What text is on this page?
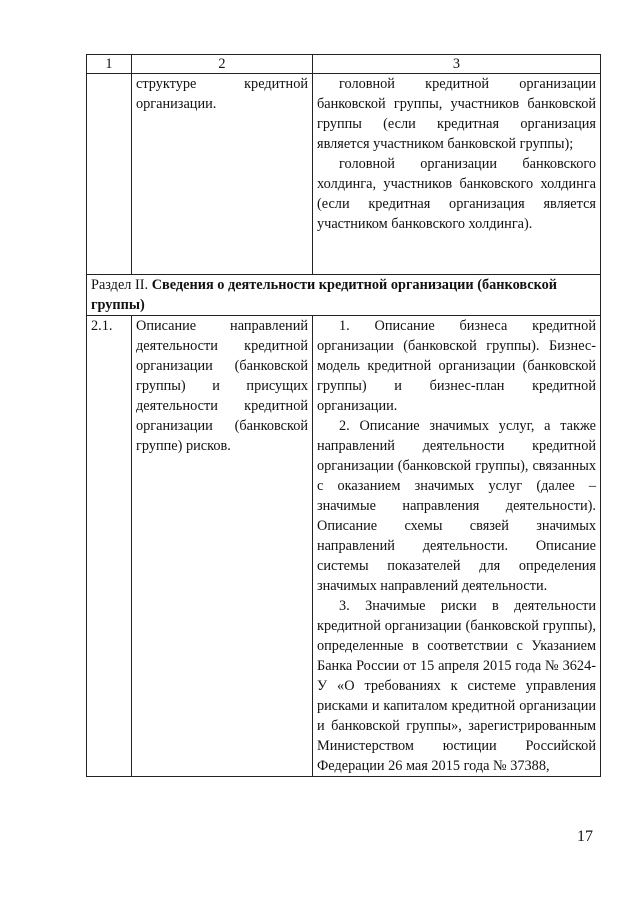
1	2	3
	структуре кредитной организации.	головной кредитной организации банковской группы, участников банковской группы (если кредитная организация является участником банковской группы);

головной организации банковского холдинга, участников банковского холдинга (если кредитная организация является участником банковского холдинга).

Раздел II. Сведения о деятельности кредитной организации (банковской группы)		
2.1.	Описание направлений деятельности кредитной организации (банковской группы) и присущих деятельности кредитной организации (банковской группе) рисков.	1. Описание бизнеса кредитной организации (банковской группы). Бизнес-модель кредитной организации (банковской группы) и бизнес-план кредитной организации.

2. Описание значимых услуг, а также направлений деятельности кредитной организации (банковской группы), связанных с оказанием значимых услуг (далее – значимые направления деятельности). Описание схемы связей значимых направлений деятельности. Описание системы показателей для определения значимых направлений деятельности.

3. Значимые риски в деятельности кредитной организации (банковской группы), определенные в соответствии с Указанием Банка России от 15 апреля 2015 года № 3624-У «О требованиях к системе управления рисками и капиталом кредитной организации и банковской группы», зарегистрированным Министерством юстиции Российской Федерации 26 мая 2015 года № 37388,

17
